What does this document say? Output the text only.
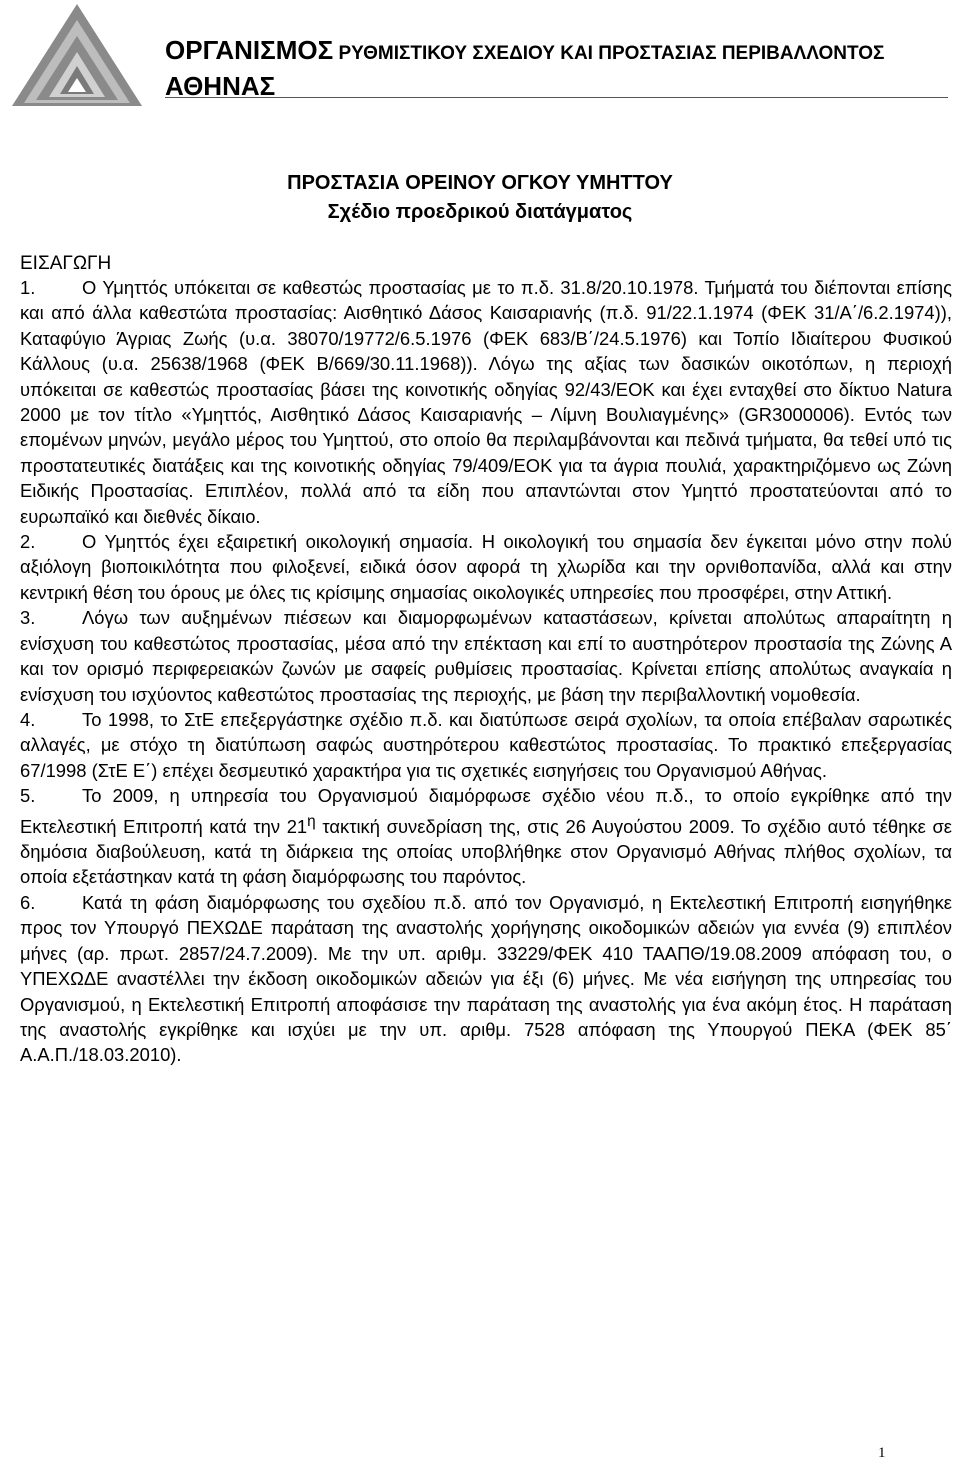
ΟΡΓΑΝΙΣΜΟΣ ΡΥΘΜΙΣΤΙΚΟΥ ΣΧΕΔΙΟΥ ΚΑΙ ΠΡΟΣΤΑΣΙΑΣ ΠΕΡΙΒΑΛΛΟΝΤΟΣ
ΑΘΗΝΑΣ
ΠΡΟΣΤΑΣΙΑ ΟΡΕΙΝΟΥ ΟΓΚΟΥ ΥΜΗΤΤΟΥ
Σχέδιο προεδρικού διατάγματος
ΕΙΣΑΓΩΓΗ

1.	Ο Υμηττός υπόκειται σε καθεστώς προστασίας με το π.δ. 31.8/20.10.1978. Τμήματά του διέπονται επίσης και από άλλα καθεστώτα προστασίας: Αισθητικό Δάσος Καισαριανής (π.δ. 91/22.1.1974 (ΦΕΚ 31/Α΄/6.2.1974)), Καταφύγιο Άγριας Ζωής (υ.α. 38070/19772/6.5.1976 (ΦΕΚ 683/Β΄/24.5.1976) και Τοπίο Ιδιαίτερου Φυσικού Κάλλους (υ.α. 25638/1968 (ΦΕΚ Β/669/30.11.1968)). Λόγω της αξίας των δασικών οικοτόπων, η περιοχή υπόκειται σε καθεστώς προστασίας βάσει της κοινοτικής οδηγίας 92/43/ΕΟΚ και έχει ενταχθεί στο δίκτυο Natura 2000 με τον τίτλο «Υμηττός, Αισθητικό Δάσος Καισαριανής – Λίμνη Βουλιαγμένης» (GR3000006). Εντός των επομένων μηνών, μεγάλο μέρος του Υμηττού, στο οποίο θα περιλαμβάνονται και πεδινά τμήματα, θα τεθεί υπό τις προστατευτικές διατάξεις και της κοινοτικής οδηγίας 79/409/ΕΟΚ για τα άγρια πουλιά, χαρακτηριζόμενο ως Ζώνη Ειδικής Προστασίας. Επιπλέον, πολλά από τα είδη που απαντώνται στον Υμηττό προστατεύονται από το ευρωπαϊκό και διεθνές δίκαιο.

2.	Ο Υμηττός έχει εξαιρετική οικολογική σημασία. Η οικολογική του σημασία δεν έγκειται μόνο στην πολύ αξιόλογη βιοποικιλότητα που φιλοξενεί, ειδικά όσον αφορά τη χλωρίδα και την ορνιθοπανίδα, αλλά και στην κεντρική θέση του όρους με όλες τις κρίσιμης σημασίας οικολογικές υπηρεσίες που προσφέρει, στην Αττική.

3.	Λόγω των αυξημένων πιέσεων και διαμορφωμένων καταστάσεων, κρίνεται απολύτως απαραίτητη η ενίσχυση του καθεστώτος προστασίας, μέσα από την επέκταση και επί το αυστηρότερον προστασία της Ζώνης Α και τον ορισμό περιφερειακών ζωνών με σαφείς ρυθμίσεις προστασίας. Κρίνεται επίσης απολύτως αναγκαία η ενίσχυση του ισχύοντος καθεστώτος προστασίας της περιοχής, με βάση την περιβαλλοντική νομοθεσία.

4.	Το 1998, το ΣτΕ επεξεργάστηκε σχέδιο π.δ. και διατύπωσε σειρά σχολίων, τα οποία επέβαλαν σαρωτικές αλλαγές, με στόχο τη διατύπωση σαφώς αυστηρότερου καθεστώτος προστασίας. Το πρακτικό επεξεργασίας 67/1998 (ΣτΕ Ε΄) επέχει δεσμευτικό χαρακτήρα για τις σχετικές εισηγήσεις του Οργανισμού Αθήνας.

5.	Το 2009, η υπηρεσία του Οργανισμού διαμόρφωσε σχέδιο νέου π.δ., το οποίο εγκρίθηκε από την Εκτελεστική Επιτροπή κατά την $21^\eta$ τακτική συνεδρίαση της, στις 26 Αυγούστου 2009. Το σχέδιο αυτό τέθηκε σε δημόσια διαβούλευση, κατά τη διάρκεια της οποίας υποβλήθηκε στον Οργανισμό Αθήνας πλήθος σχολίων, τα οποία εξετάστηκαν κατά τη φάση διαμόρφωσης του παρόντος.

6.	Κατά τη φάση διαμόρφωσης του σχεδίου π.δ. από τον Οργανισμό, η Εκτελεστική Επιτροπή εισηγήθηκε προς τον Υπουργό ΠΕΧΩΔΕ παράταση της αναστολής χορήγησης οικοδομικών αδειών για εννέα (9) επιπλέον μήνες (αρ. πρωτ. 2857/24.7.2009). Με την υπ. αριθμ. 33229/ΦΕΚ 410 ΤΑΑΠΘ/19.08.2009 απόφαση του, ο ΥΠΕΧΩΔΕ αναστέλλει την έκδοση οικοδομικών αδειών για έξι (6) μήνες. Με νέα εισήγηση της υπηρεσίας του Οργανισμού, η Εκτελεστική Επιτροπή αποφάσισε την παράταση της αναστολής για ένα ακόμη έτος. Η παράταση της αναστολής εγκρίθηκε και ισχύει με την υπ. αριθμ. 7528 απόφαση της Υπουργού ΠΕΚΑ (ΦΕΚ 85΄ Α.Α.Π./18.03.2010).

1
